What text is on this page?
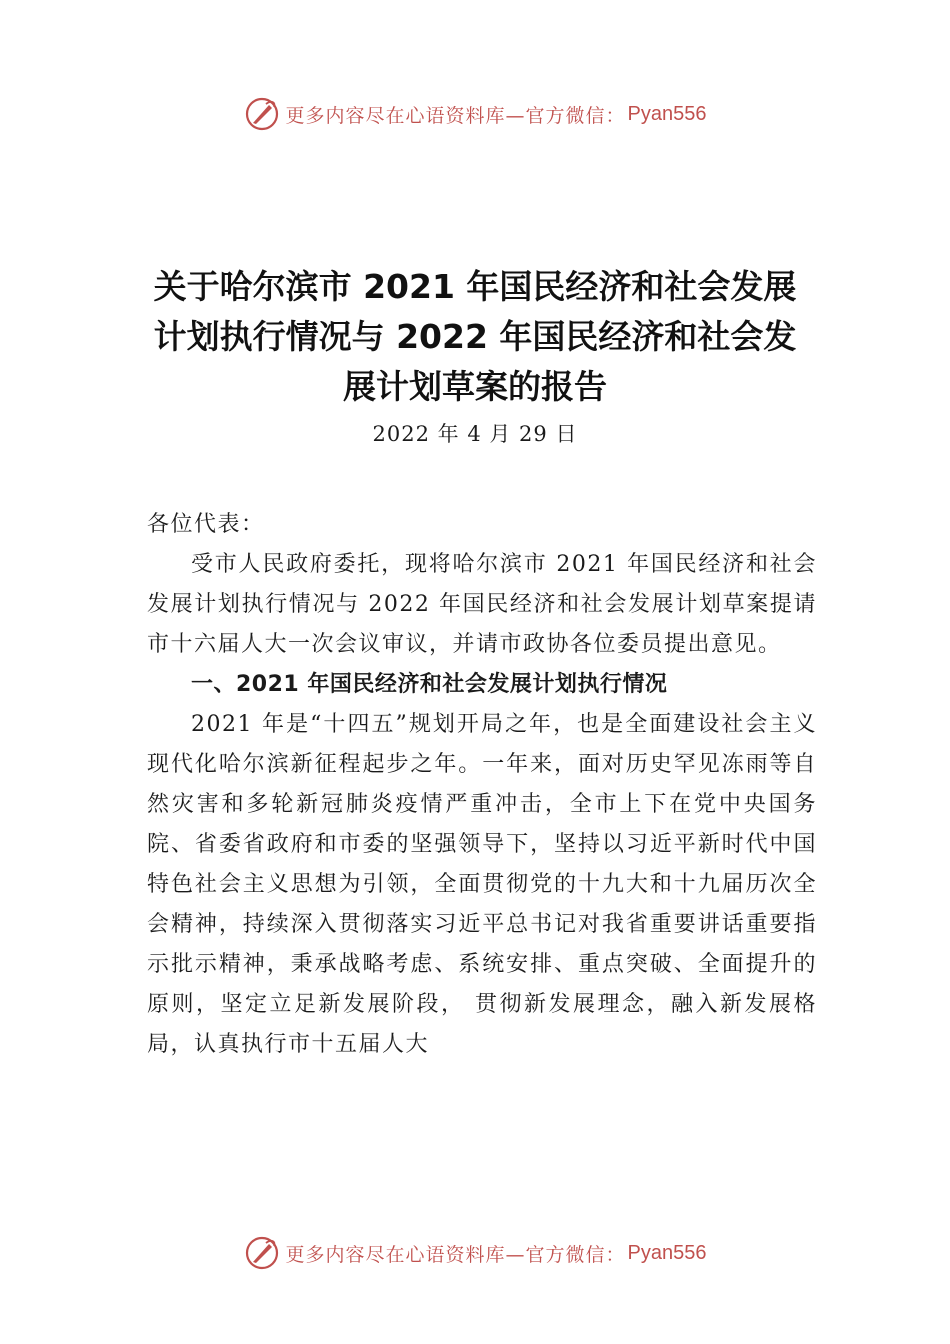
更多内容尽在心语资料库—官方微信： Pyan556
关于哈尔滨市 2021 年国民经济和社会发展
计划执行情况与 2022 年国民经济和社会发
展计划草案的报告
2022 年 4 月 29 日

各位代表：

受市人民政府委托，现将哈尔滨市 2021 年国民经济和社会发展计划执行情况与 2022 年国民经济和社会发展计划草案提请市十六届人大一次会议审议，并请市政协各位委员提出意见。

一、2021 年国民经济和社会发展计划执行情况

2021 年是“十四五”规划开局之年，也是全面建设社会主义现代化哈尔滨新征程起步之年。一年来，面对历史罕见冻雨等自然灾害和多轮新冠肺炎疫情严重冲击，全市上下在党中央国务院、省委省政府和市委的坚强领导下，坚持以习近平新时代中国特色社会主义思想为引领，全面贯彻党的十九大和十九届历次全会精神，持续深入贯彻落实习近平总书记对我省重要讲话重要指示批示精神，秉承战略考虑、系统安排、重点突破、全面提升的原则，坚定立足新发展阶段， 贯彻新发展理念，融入新发展格局，认真执行市十五届人大

更多内容尽在心语资料库—官方微信： Pyan556
